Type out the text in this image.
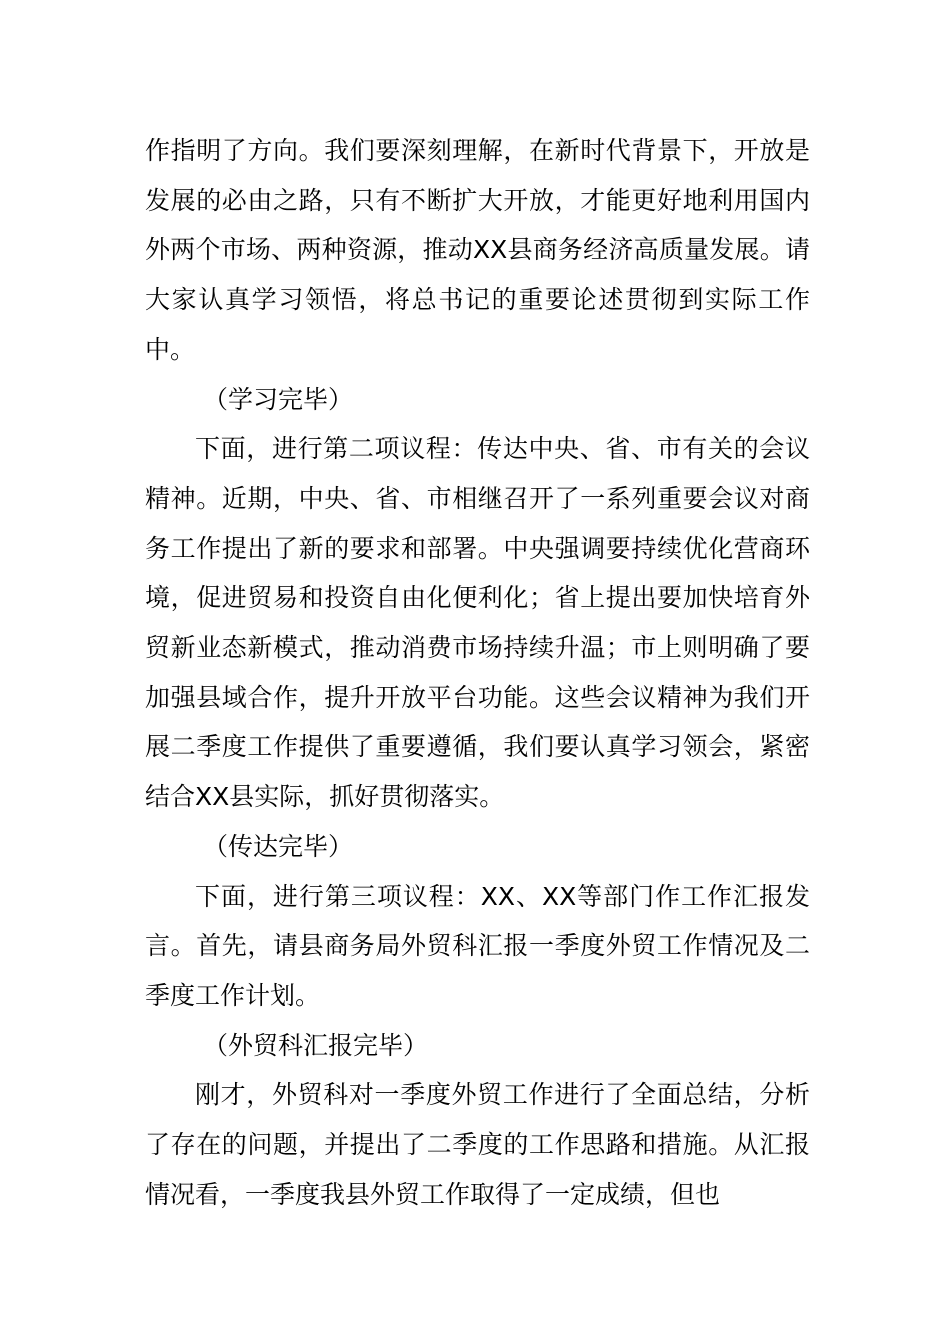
作指明了方向。我们要深刻理解，在新时代背景下，开放是发展的必由之路，只有不断扩大开放，才能更好地利用国内外两个市场、两种资源，推动XX县商务经济高质量发展。请大家认真学习领悟，将总书记的重要论述贯彻到实际工作中。

（学习完毕）

下面，进行第二项议程：传达中央、省、市有关的会议精神。近期，中央、省、市相继召开了一系列重要会议对商务工作提出了新的要求和部署。中央强调要持续优化营商环境，促进贸易和投资自由化便利化；省上提出要加快培育外贸新业态新模式，推动消费市场持续升温；市上则明确了要加强县域合作，提升开放平台功能。这些会议精神为我们开展二季度工作提供了重要遵循，我们要认真学习领会，紧密结合XX县实际，抓好贯彻落实。

（传达完毕）

下面，进行第三项议程：XX、XX等部门作工作汇报发言。首先，请县商务局外贸科汇报一季度外贸工作情况及二季度工作计划。

（外贸科汇报完毕）

刚才，外贸科对一季度外贸工作进行了全面总结，分析了存在的问题，并提出了二季度的工作思路和措施。从汇报情况看，一季度我县外贸工作取得了一定成绩，但也
